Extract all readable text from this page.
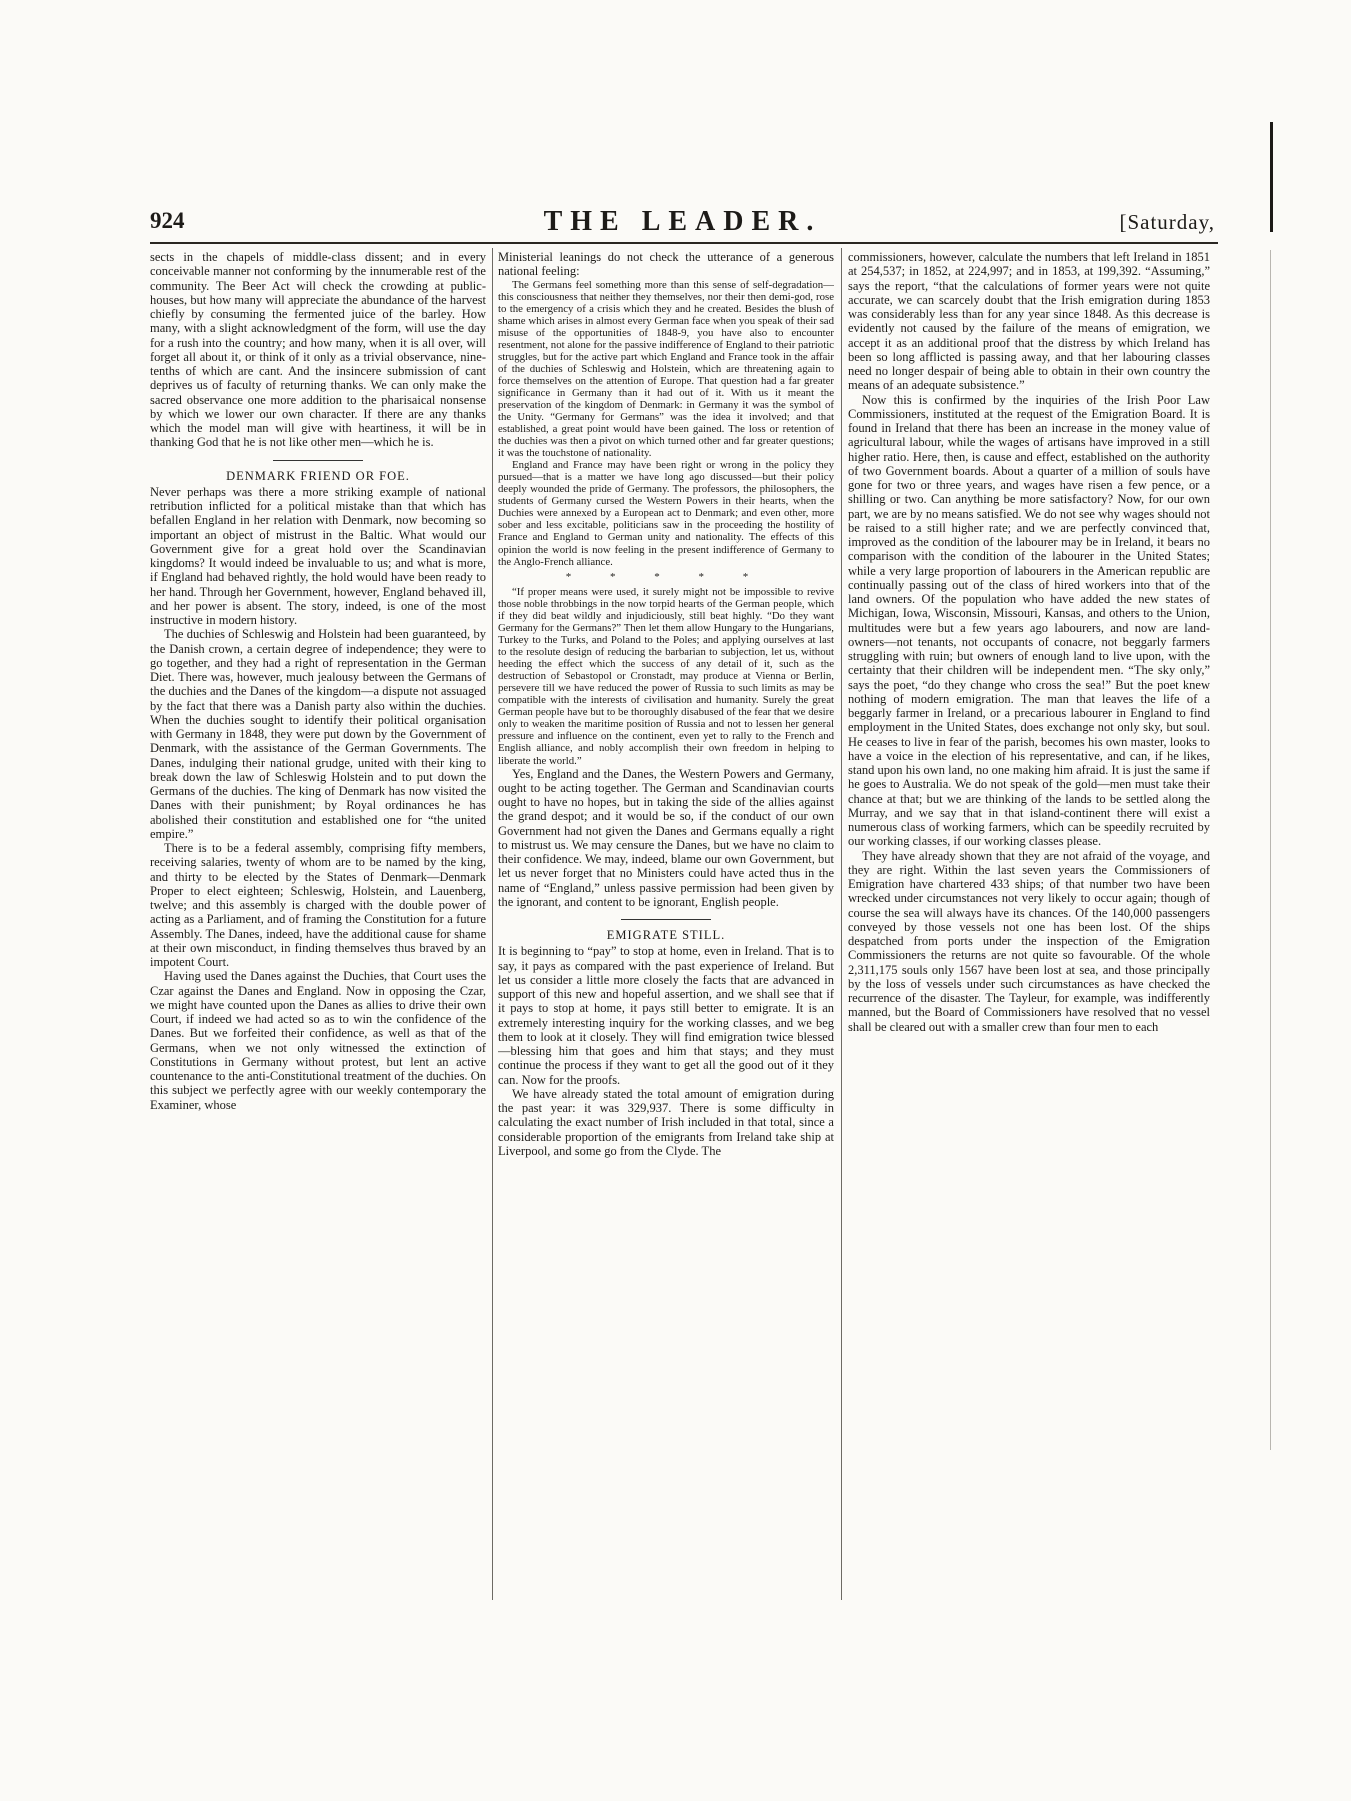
924	THE LEADER.	[Saturday,

sects in the chapels of middle-class dissent; and in every conceivable manner not conforming by the innumerable rest of the community. The Beer Act will check the crowding at public-houses, but how many will appreciate the abundance of the harvest chiefly by consuming the fermented juice of the barley. How many, with a slight acknowledgment of the form, will use the day for a rush into the country; and how many, when it is all over, will forget all about it, or think of it only as a trivial observance, nine-tenths of which are cant. And the insincere submission of cant deprives us of faculty of returning thanks. We can only make the sacred observance one more addition to the pharisaical nonsense by which we lower our own character. If there are any thanks which the model man will give with heartiness, it will be in thanking God that he is not like other men—which he is.

DENMARK FRIEND OR FOE.

Never perhaps was there a more striking example of national retribution inflicted for a political mistake than that which has befallen England in her relation with Denmark, now becoming so important an object of mistrust in the Baltic. What would our Government give for a great hold over the Scandinavian kingdoms? It would indeed be invaluable to us; and what is more, if England had behaved rightly, the hold would have been ready to her hand. Through her Government, however, England behaved ill, and her power is absent. The story, indeed, is one of the most instructive in modern history.

The duchies of Schleswig and Holstein had been guaranteed, by the Danish crown, a certain degree of independence; they were to go together, and they had a right of representation in the German Diet. There was, however, much jealousy between the Germans of the duchies and the Danes of the kingdom—a dispute not assuaged by the fact that there was a Danish party also within the duchies. When the duchies sought to identify their political organisation with Germany in 1848, they were put down by the Government of Denmark, with the assistance of the German Governments. The Danes, indulging their national grudge, united with their king to break down the law of Schleswig Holstein and to put down the Germans of the duchies. The king of Denmark has now visited the Danes with their punishment; by Royal ordinances he has abolished their constitution and established one for “the united empire.”

There is to be a federal assembly, comprising fifty members, receiving salaries, twenty of whom are to be named by the king, and thirty to be elected by the States of Denmark—Denmark Proper to elect eighteen; Schleswig, Holstein, and Lauenberg, twelve; and this assembly is charged with the double power of acting as a Parliament, and of framing the Constitution for a future Assembly. The Danes, indeed, have the additional cause for shame at their own misconduct, in finding themselves thus braved by an impotent Court.

Having used the Danes against the Duchies, that Court uses the Czar against the Danes and England. Now in opposing the Czar, we might have counted upon the Danes as allies to drive their own Court, if indeed we had acted so as to win the confidence of the Danes. But we forfeited their confidence, as well as that of the Germans, when we not only witnessed the extinction of Constitutions in Germany without protest, but lent an active countenance to the anti-Constitutional treatment of the duchies. On this subject we perfectly agree with our weekly contemporary the Examiner, whose

Ministerial leanings do not check the utterance of a generous national feeling:

The Germans feel something more than this sense of self-degradation—this consciousness that neither they themselves, nor their then demi-god, rose to the emergency of a crisis which they and he created. Besides the blush of shame which arises in almost every German face when you speak of their sad misuse of the opportunities of 1848-9, you have also to encounter resentment, not alone for the passive indifference of England to their patriotic struggles, but for the active part which England and France took in the affair of the duchies of Schleswig and Holstein, which are threatening again to force themselves on the attention of Europe. That question had a far greater significance in Germany than it had out of it. With us it meant the preservation of the kingdom of Denmark: in Germany it was the symbol of the Unity. “Germany for Germans” was the idea it involved; and that established, a great point would have been gained. The loss or retention of the duchies was then a pivot on which turned other and far greater questions; it was the touchstone of nationality.

England and France may have been right or wrong in the policy they pursued—that is a matter we have long ago discussed—but their policy deeply wounded the pride of Germany. The professors, the philosophers, the students of Germany cursed the Western Powers in their hearts, when the Duchies were annexed by a European act to Denmark; and even other, more sober and less excitable, politicians saw in the proceeding the hostility of France and England to German unity and nationality. The effects of this opinion the world is now feeling in the present indifference of Germany to the Anglo-French alliance.

* * * * *

“If proper means were used, it surely might not be impossible to revive those noble throbbings in the now torpid hearts of the German people, which if they did beat wildly and injudiciously, still beat highly. “Do they want Germany for the Germans?” Then let them allow Hungary to the Hungarians, Turkey to the Turks, and Poland to the Poles; and applying ourselves at last to the resolute design of reducing the barbarian to subjection, let us, without heeding the effect which the success of any detail of it, such as the destruction of Sebastopol or Cronstadt, may produce at Vienna or Berlin, persevere till we have reduced the power of Russia to such limits as may be compatible with the interests of civilisation and humanity. Surely the great German people have but to be thoroughly disabused of the fear that we desire only to weaken the maritime position of Russia and not to lessen her general pressure and influence on the continent, even yet to rally to the French and English alliance, and nobly accomplish their own freedom in helping to liberate the world.”

Yes, England and the Danes, the Western Powers and Germany, ought to be acting together. The German and Scandinavian courts ought to have no hopes, but in taking the side of the allies against the grand despot; and it would be so, if the conduct of our own Government had not given the Danes and Germans equally a right to mistrust us. We may censure the Danes, but we have no claim to their confidence. We may, indeed, blame our own Government, but let us never forget that no Ministers could have acted thus in the name of “England,” unless passive permission had been given by the ignorant, and content to be ignorant, English people.

EMIGRATE STILL.

It is beginning to “pay” to stop at home, even in Ireland. That is to say, it pays as compared with the past experience of Ireland. But let us consider a little more closely the facts that are advanced in support of this new and hopeful assertion, and we shall see that if it pays to stop at home, it pays still better to emigrate. It is an extremely interesting inquiry for the working classes, and we beg them to look at it closely. They will find emigration twice blessed—blessing him that goes and him that stays; and they must continue the process if they want to get all the good out of it they can. Now for the proofs.

We have already stated the total amount of emigration during the past year: it was 329,937. There is some difficulty in calculating the exact number of Irish included in that total, since a considerable proportion of the emigrants from Ireland take ship at Liverpool, and some go from the Clyde. The

commissioners, however, calculate the numbers that left Ireland in 1851 at 254,537; in 1852, at 224,997; and in 1853, at 199,392. “Assuming,” says the report, “that the calculations of former years were not quite accurate, we can scarcely doubt that the Irish emigration during 1853 was considerably less than for any year since 1848. As this decrease is evidently not caused by the failure of the means of emigration, we accept it as an additional proof that the distress by which Ireland has been so long afflicted is passing away, and that her labouring classes need no longer despair of being able to obtain in their own country the means of an adequate subsistence.”

Now this is confirmed by the inquiries of the Irish Poor Law Commissioners, instituted at the request of the Emigration Board. It is found in Ireland that there has been an increase in the money value of agricultural labour, while the wages of artisans have improved in a still higher ratio. Here, then, is cause and effect, established on the authority of two Government boards. About a quarter of a million of souls have gone for two or three years, and wages have risen a few pence, or a shilling or two. Can anything be more satisfactory? Now, for our own part, we are by no means satisfied. We do not see why wages should not be raised to a still higher rate; and we are perfectly convinced that, improved as the condition of the labourer may be in Ireland, it bears no comparison with the condition of the labourer in the United States; while a very large proportion of labourers in the American republic are continually passing out of the class of hired workers into that of the land owners. Of the population who have added the new states of Michigan, Iowa, Wisconsin, Missouri, Kansas, and others to the Union, multitudes were but a few years ago labourers, and now are land-owners—not tenants, not occupants of conacre, not beggarly farmers struggling with ruin; but owners of enough land to live upon, with the certainty that their children will be independent men. “The sky only,” says the poet, “do they change who cross the sea!” But the poet knew nothing of modern emigration. The man that leaves the life of a beggarly farmer in Ireland, or a precarious labourer in England to find employment in the United States, does exchange not only sky, but soul. He ceases to live in fear of the parish, becomes his own master, looks to have a voice in the election of his representative, and can, if he likes, stand upon his own land, no one making him afraid. It is just the same if he goes to Australia. We do not speak of the gold—men must take their chance at that; but we are thinking of the lands to be settled along the Murray, and we say that in that island-continent there will exist a numerous class of working farmers, which can be speedily recruited by our working classes, if our working classes please.

They have already shown that they are not afraid of the voyage, and they are right. Within the last seven years the Commissioners of Emigration have chartered 433 ships; of that number two have been wrecked under circumstances not very likely to occur again; though of course the sea will always have its chances. Of the 140,000 passengers conveyed by those vessels not one has been lost. Of the ships despatched from ports under the inspection of the Emigration Commissioners the returns are not quite so favourable. Of the whole 2,311,175 souls only 1567 have been lost at sea, and those principally by the loss of vessels under such circumstances as have checked the recurrence of the disaster. The Tayleur, for example, was indifferently manned, but the Board of Commissioners have resolved that no vessel shall be cleared out with a smaller crew than four men to each
